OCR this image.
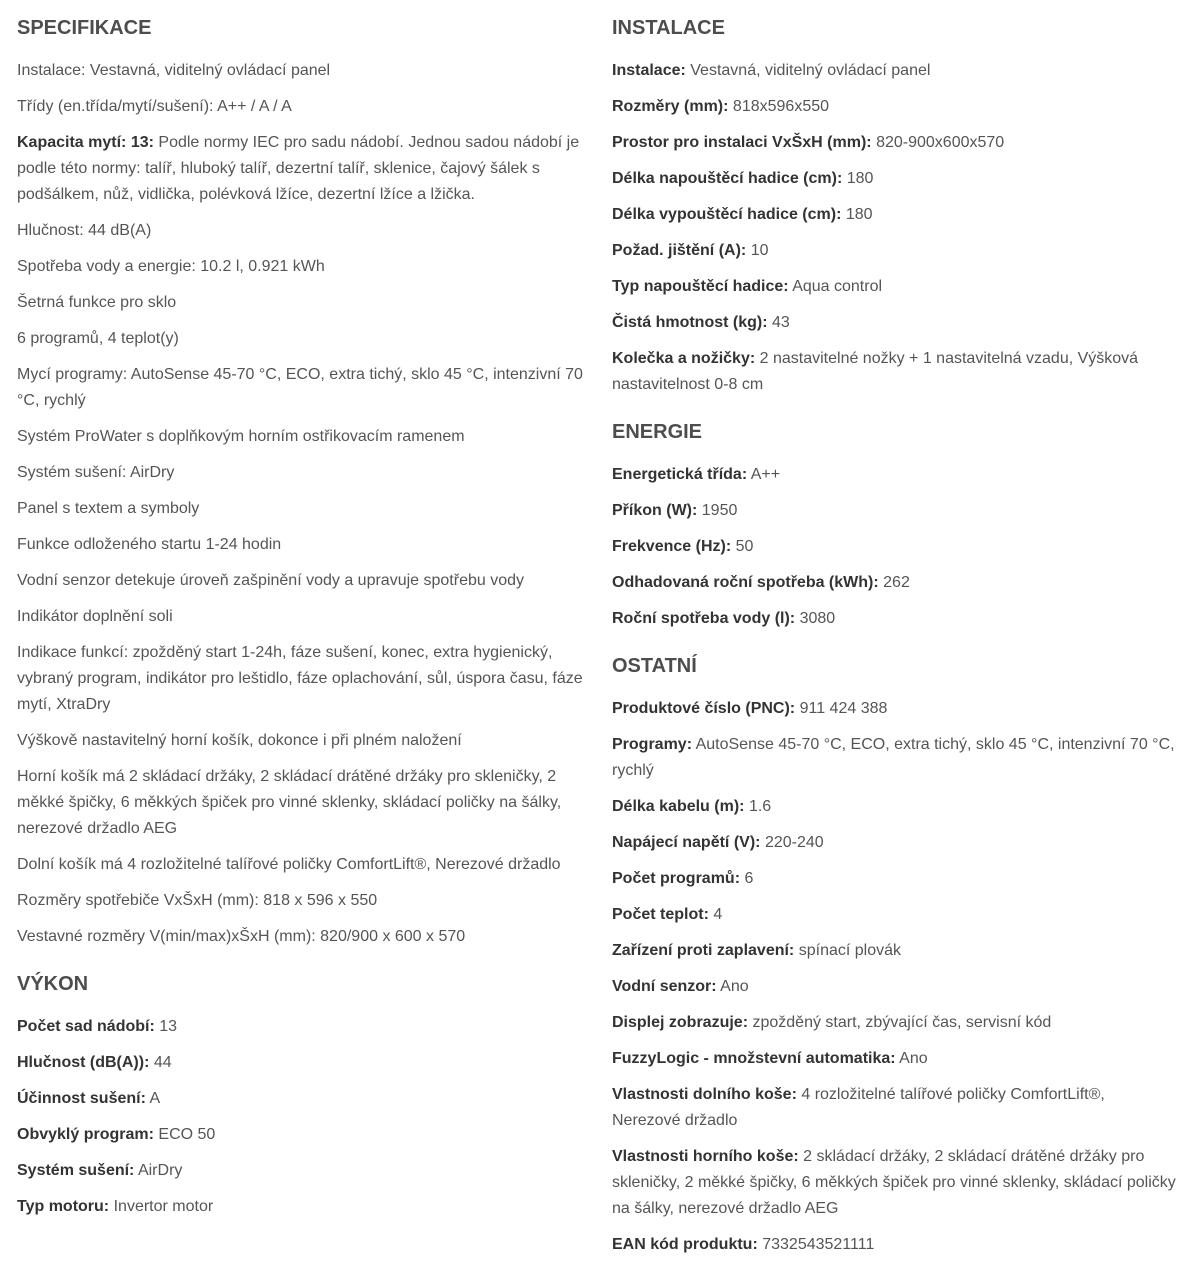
SPECIFIKACE
Instalace: Vestavná, viditelný ovládací panel
Třídy (en.třída/mytí/sušení): A++ / A / A
Kapacita mytí: 13: Podle normy IEC pro sadu nádobí. Jednou sadou nádobí je podle této normy: talíř, hluboký talíř, dezertní talíř, sklenice, čajový šálek s podšálkem, nůž, vidlička, polévková lžíce, dezertní lžíce a lžička.
Hlučnost: 44 dB(A)
Spotřeba vody a energie: 10.2 l, 0.921 kWh
Šetrná funkce pro sklo
6 programů, 4 teplot(y)
Mycí programy: AutoSense 45-70 °C, ECO, extra tichý, sklo 45 °C, intenzivní 70 °C, rychlý
Systém ProWater s doplňkovým horním ostřikovacím ramenem
Systém sušení: AirDry
Panel s textem a symboly
Funkce odloženého startu 1-24 hodin
Vodní senzor detekuje úroveň zašpinění vody a upravuje spotřebu vody
Indikátor doplnění soli
Indikace funkcí: zpožděný start 1-24h, fáze sušení, konec, extra hygienický, vybraný program, indikátor pro leštidlo, fáze oplachování, sůl, úspora času, fáze mytí, XtraDry
Výškově nastavitelný horní košík, dokonce i při plném naložení
Horní košík má 2 skládací držáky, 2 skládací drátěné držáky pro skleničky, 2 měkké špičky, 6 měkkých špiček pro vinné sklenky, skládací poličky na šálky, nerezové držadlo AEG
Dolní košík má 4 rozložitelné talířové poličky ComfortLift®, Nerezové držadlo
Rozměry spotřebiče VxŠxH (mm): 818 x 596 x 550
Vestavné rozměry V(min/max)xŠxH (mm): 820/900 x 600 x 570
VÝKON
Počet sad nádobí: 13
Hlučnost (dB(A)): 44
Účinnost sušení: A
Obvyklý program: ECO 50
Systém sušení: AirDry
Typ motoru: Invertor motor
INSTALACE
Instalace: Vestavná, viditelný ovládací panel
Rozměry (mm): 818x596x550
Prostor pro instalaci VxŠxH (mm): 820-900x600x570
Délka napouštěcí hadice (cm): 180
Délka vypouštěcí hadice (cm): 180
Požad. jištění (A): 10
Typ napouštěcí hadice: Aqua control
Čistá hmotnost (kg): 43
Kolečka a nožičky: 2 nastavitelné nožky + 1 nastavitelná vzadu, Výšková nastavitelnost 0-8 cm
ENERGIE
Energetická třída: A++
Příkon (W): 1950
Frekvence (Hz): 50
Odhadovaná roční spotřeba (kWh): 262
Roční spotřeba vody (l): 3080
OSTATNÍ
Produktové číslo (PNC): 911 424 388
Programy: AutoSense 45-70 °C, ECO, extra tichý, sklo 45 °C, intenzivní 70 °C, rychlý
Délka kabelu (m): 1.6
Napájecí napětí (V): 220-240
Počet programů: 6
Počet teplot: 4
Zařízení proti zaplavení: spínací plovák
Vodní senzor: Ano
Displej zobrazuje: zpožděný start, zbývající čas, servisní kód
FuzzyLogic - množstevní automatika: Ano
Vlastnosti dolního koše: 4 rozložitelné talířové poličky ComfortLift®, Nerezové držadlo
Vlastnosti horního koše: 2 skládací držáky, 2 skládací drátěné držáky pro skleničky, 2 měkké špičky, 6 měkkých špiček pro vinné sklenky, skládací poličky na šálky, nerezové držadlo AEG
EAN kód produktu: 7332543521111
